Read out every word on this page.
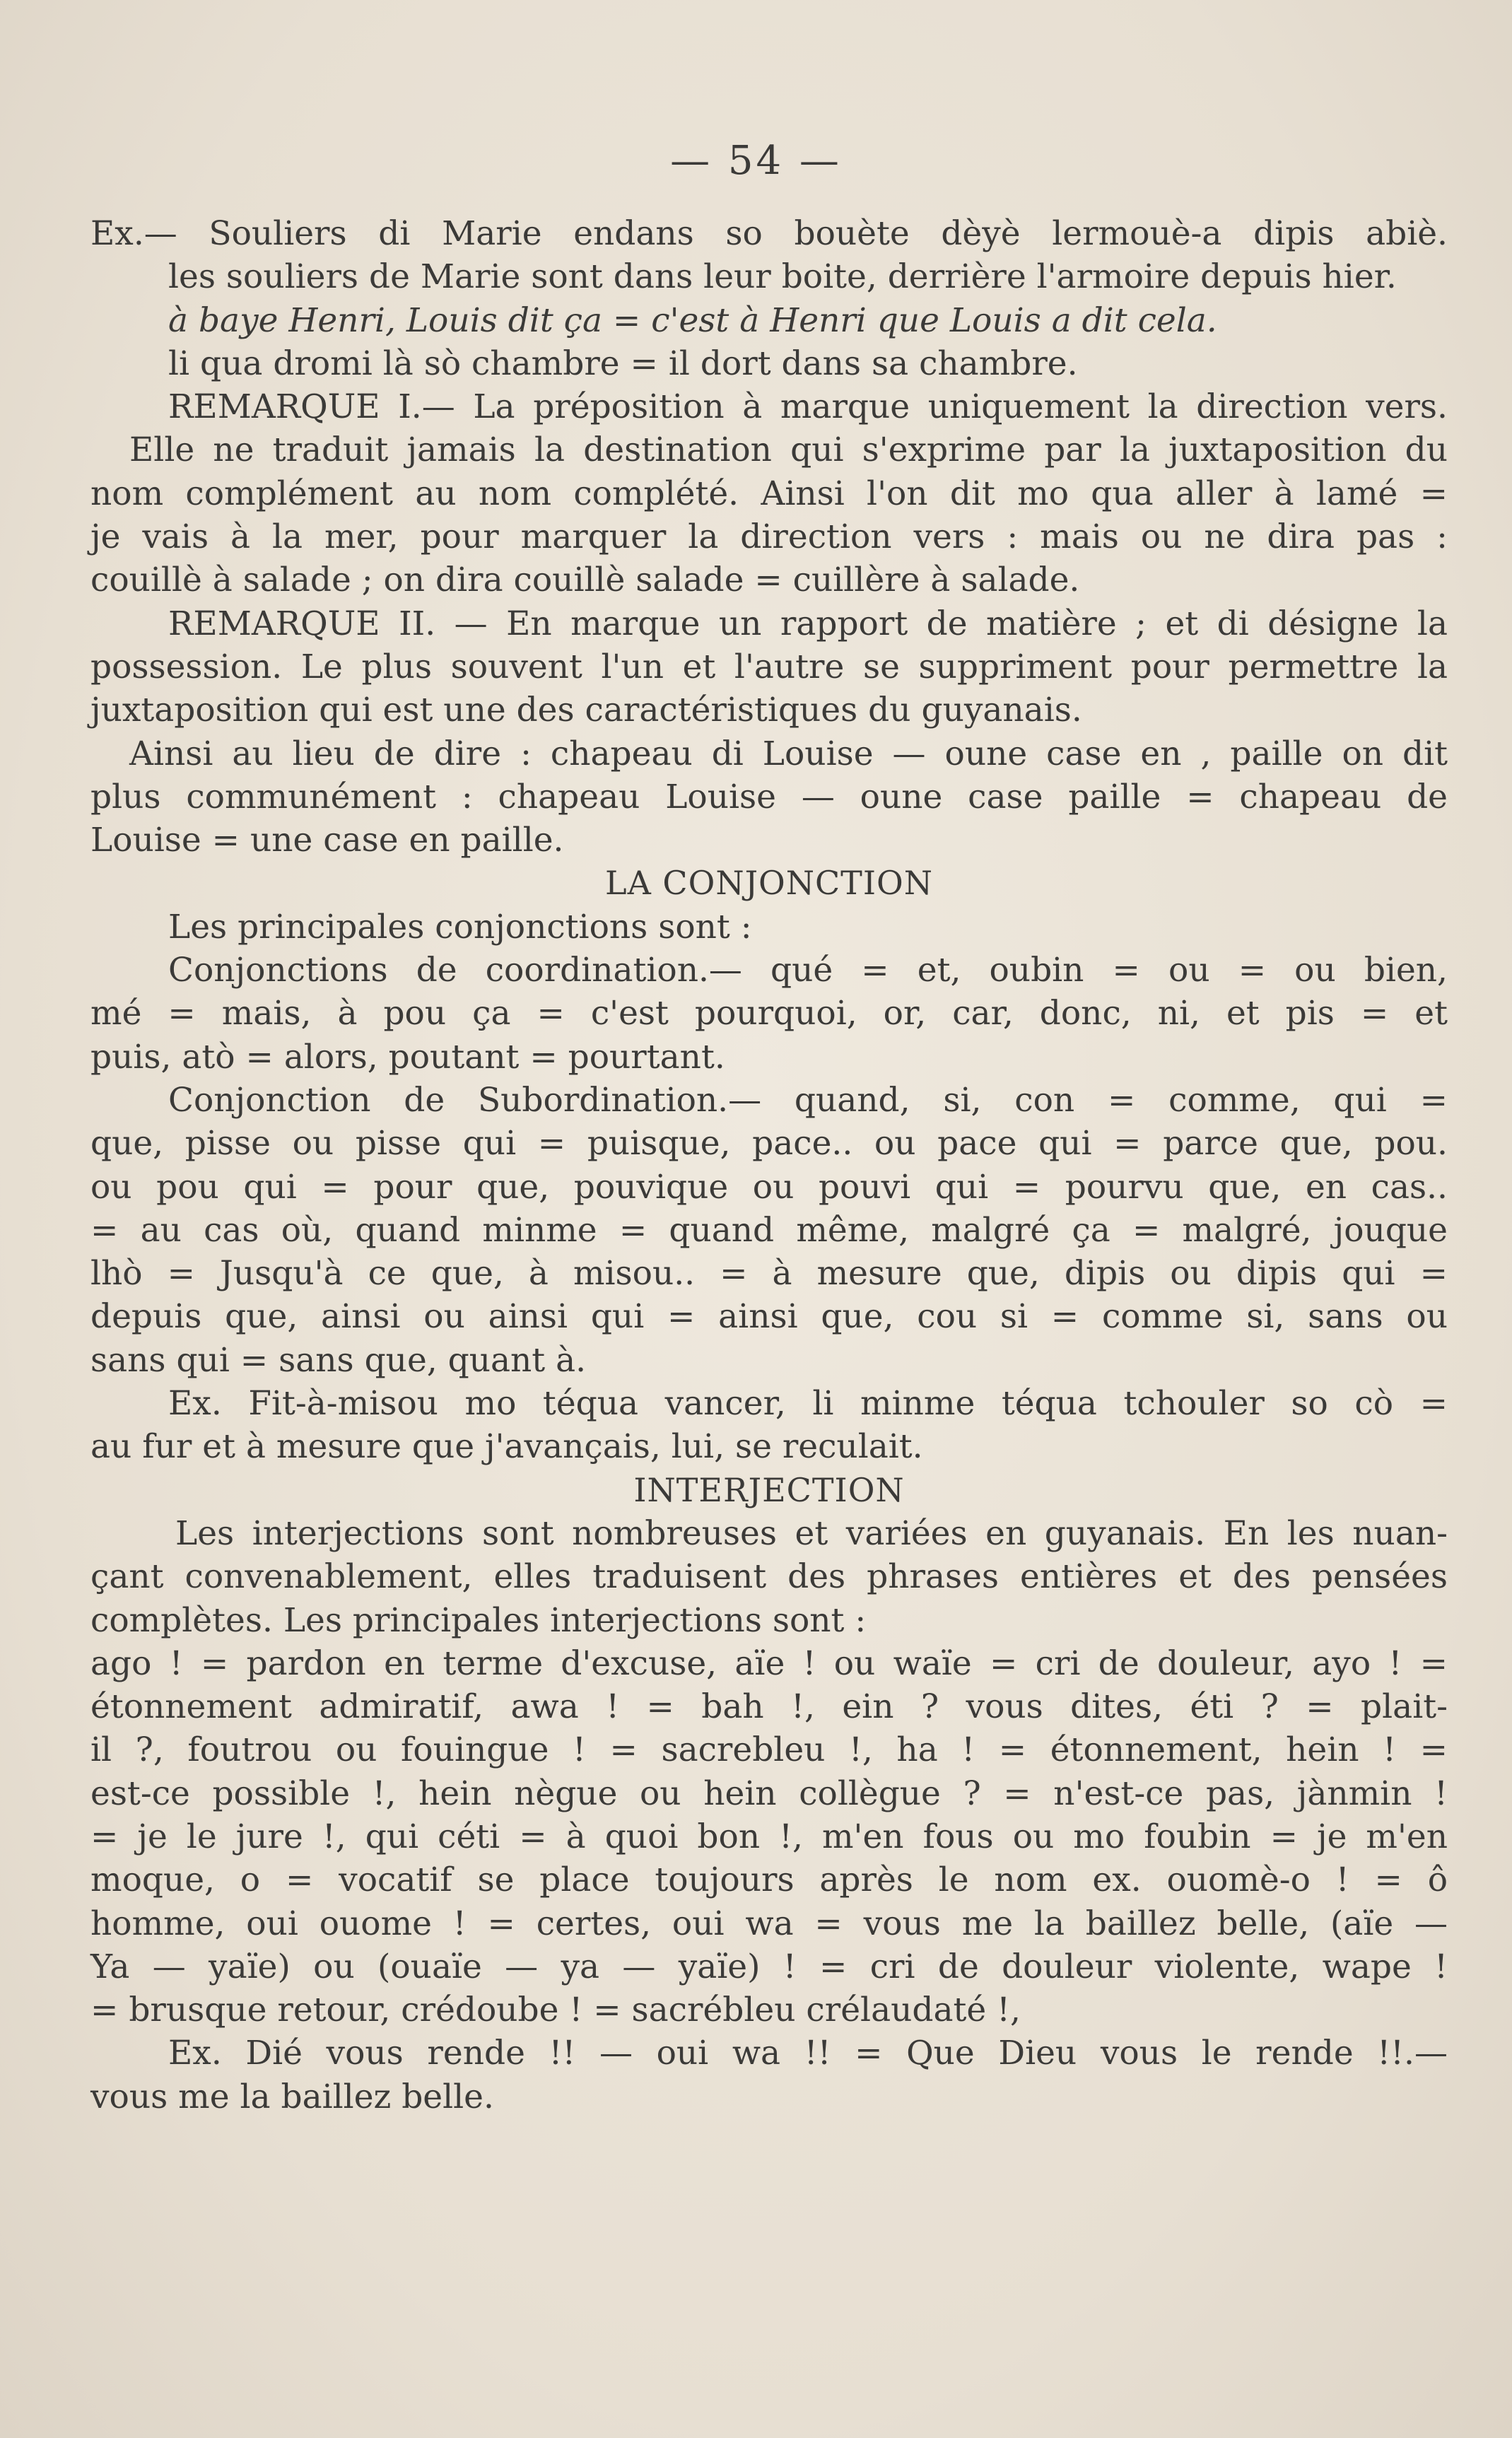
— 54 —
Ex.— Souliers di Marie endans so bouète dèyè lermouè-a dipis abiè.
les souliers de Marie sont dans leur boite, derrière l'armoire depuis hier.
à baye Henri, Louis dit ça = c'est à Henri que Louis a dit cela.
li qua dromi là sò chambre = il dort dans sa chambre.
REMARQUE I.— La préposition à marque uniquement la direction vers.
Elle ne traduit jamais la destination qui s'exprime par la juxtaposition du
nom complément au nom complété. Ainsi l'on dit mo qua aller à lamé =
je vais à la mer, pour marquer la direction vers : mais ou ne dira pas :
couillè à salade ; on dira couillè salade = cuillère à salade.
REMARQUE II. — En marque un rapport de matière ; et di désigne la
possession. Le plus souvent l'un et l'autre se suppriment pour permettre la
juxtaposition qui est une des caractéristiques du guyanais.
Ainsi au lieu de dire : chapeau di Louise — oune case en , paille on dit
plus communément : chapeau Louise — oune case paille = chapeau de
Louise = une case en paille.
LA CONJONCTION
Les principales conjonctions sont :
Conjonctions de coordination.— qué = et, oubin = ou = ou bien,
mé = mais, à pou ça = c'est pourquoi, or, car, donc, ni, et pis = et
puis, atò = alors, poutant = pourtant.
Conjonction de Subordination.— quand, si, con = comme, qui =
que, pisse ou pisse qui = puisque, pace.. ou pace qui = parce que, pou.
ou pou qui = pour que, pouvique ou pouvi qui = pourvu que, en cas..
= au cas où, quand minme = quand même, malgré ça = malgré, jouque
lhò = Jusqu'à ce que, à misou.. = à mesure que, dipis ou dipis qui =
depuis que, ainsi ou ainsi qui = ainsi que, cou si = comme si, sans ou
sans qui = sans que, quant à.
Ex. Fit-à-misou mo téqua vancer, li minme téqua tchouler so cò =
au fur et à mesure que j'avançais, lui, se reculait.
INTERJECTION
Les interjections sont nombreuses et variées en guyanais. En les nuan-
çant convenablement, elles traduisent des phrases entières et des pensées
complètes. Les principales interjections sont :
ago ! = pardon en terme d'excuse, aïe ! ou waïe = cri de douleur, ayo ! =
étonnement admiratif, awa ! = bah !, ein ? vous dites, éti ? = plait-
il ?, foutrou ou fouingue ! = sacrebleu !, ha ! = étonnement, hein ! =
est-ce possible !, hein nègue ou hein collègue ? = n'est-ce pas, jànmin !
= je le jure !, qui céti = à quoi bon !, m'en fous ou mo foubin = je m'en
moque, o = vocatif se place toujours après le nom ex. ouomè-o ! = ô
homme, oui ouome ! = certes, oui wa = vous me la baillez belle, (aïe —
Ya — yaïe) ou (ouaïe — ya — yaïe) ! = cri de douleur violente, wape !
= brusque retour, crédoube ! = sacrébleu crélaudaté !,
Ex. Dié vous rende !! — oui wa !! = Que Dieu vous le rende !!.—
vous me la baillez belle.
